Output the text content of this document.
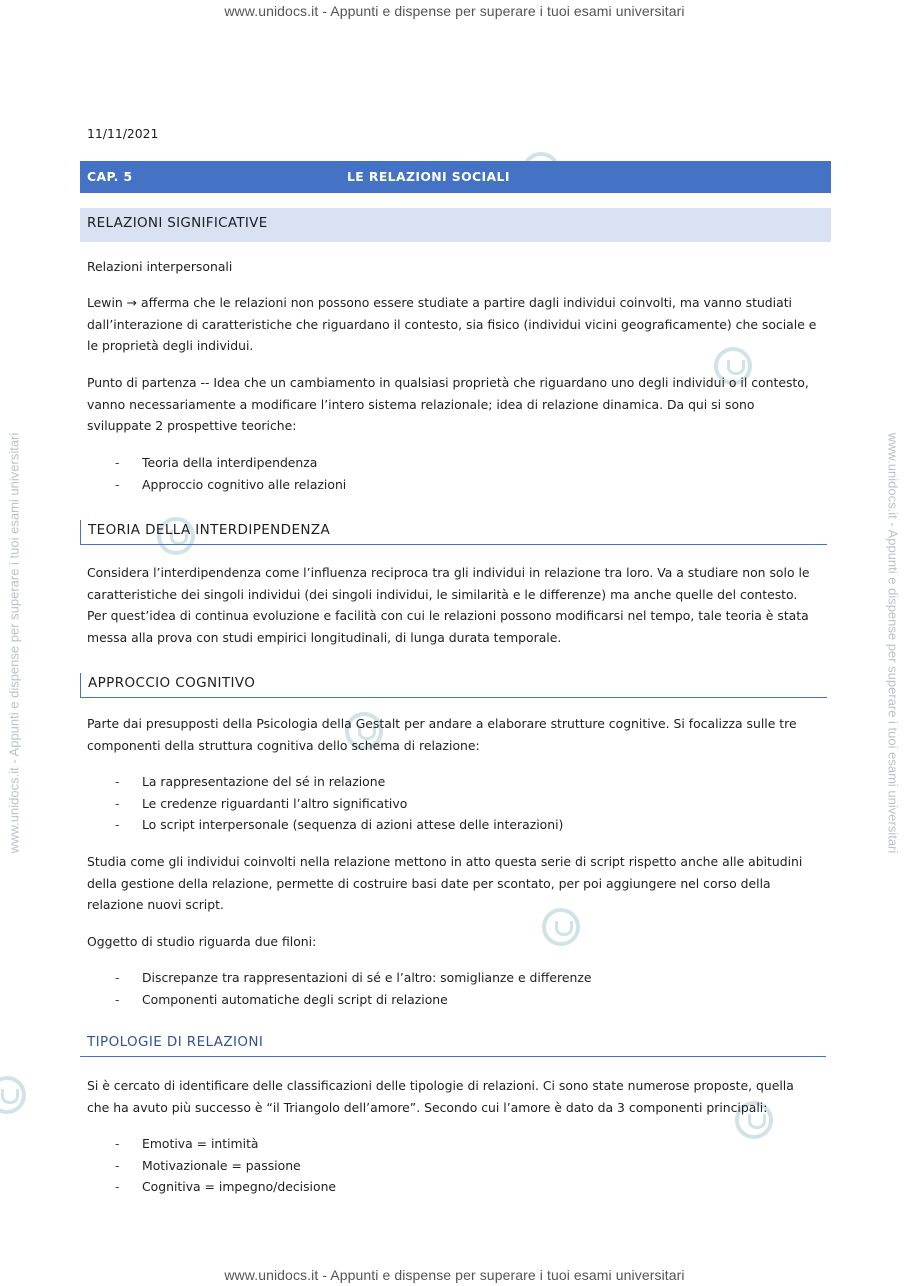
www.unidocs.it - Appunti e dispense per superare i tuoi esami universitari
www.unidocs.it - Appunti e dispense per superare i tuoi esami universitari
www.unidocs.it - Appunti e dispense per superare i tuoi esami universitari	www.unidocs.it - Appunti e dispense per superare i tuoi esami universitari
11/11/2021
CAP. 5	LE RELAZIONI SOCIALI
RELAZIONI SIGNIFICATIVE

Relazioni interpersonali

Lewin → afferma che le relazioni non possono essere studiate a partire dagli individui coinvolti, ma vanno studiati dall’interazione di caratteristiche che riguardano il contesto, sia fisico (individui vicini geograficamente) che sociale e le proprietà degli individui.

Punto di partenza -- Idea che un cambiamento in qualsiasi proprietà che riguardano uno degli individui o il contesto, vanno necessariamente a modificare l’intero sistema relazionale; idea di relazione dinamica. Da qui si sono sviluppate 2 prospettive teoriche:

- Teoria della interdipendenza
- Approccio cognitivo alle relazioni
TEORIA DELLA INTERDIPENDENZA

Considera l’interdipendenza come l’influenza reciproca tra gli individui in relazione tra loro. Va a studiare non solo le caratteristiche dei singoli individui (dei singoli individui, le similarità e le differenze) ma anche quelle del contesto. Per quest’idea di continua evoluzione e facilità con cui le relazioni possono modificarsi nel tempo, tale teoria è stata messa alla prova con studi empirici longitudinali, di lunga durata temporale.

APPROCCIO COGNITIVO

Parte dai presupposti della Psicologia della Gestalt per andare a elaborare strutture cognitive. Si focalizza sulle tre componenti della struttura cognitiva dello schema di relazione:

- La rappresentazione del sé in relazione
- Le credenze riguardanti l’altro significativo
- Lo script interpersonale (sequenza di azioni attese delle interazioni)

Studia come gli individui coinvolti nella relazione mettono in atto questa serie di script rispetto anche alle abitudini della gestione della relazione, permette di costruire basi date per scontato, per poi aggiungere nel corso della relazione nuovi script.

Oggetto di studio riguarda due filoni:

- Discrepanze tra rappresentazioni di sé e l’altro: somiglianze e differenze
- Componenti automatiche degli script di relazione
TIPOLOGIE DI RELAZIONI

Si è cercato di identificare delle classificazioni delle tipologie di relazioni. Ci sono state numerose proposte, quella che ha avuto più successo è “il Triangolo dell’amore”. Secondo cui l’amore è dato da 3 componenti principali:

- Emotiva = intimità
- Motivazionale = passione
- Cognitiva = impegno/decisione
